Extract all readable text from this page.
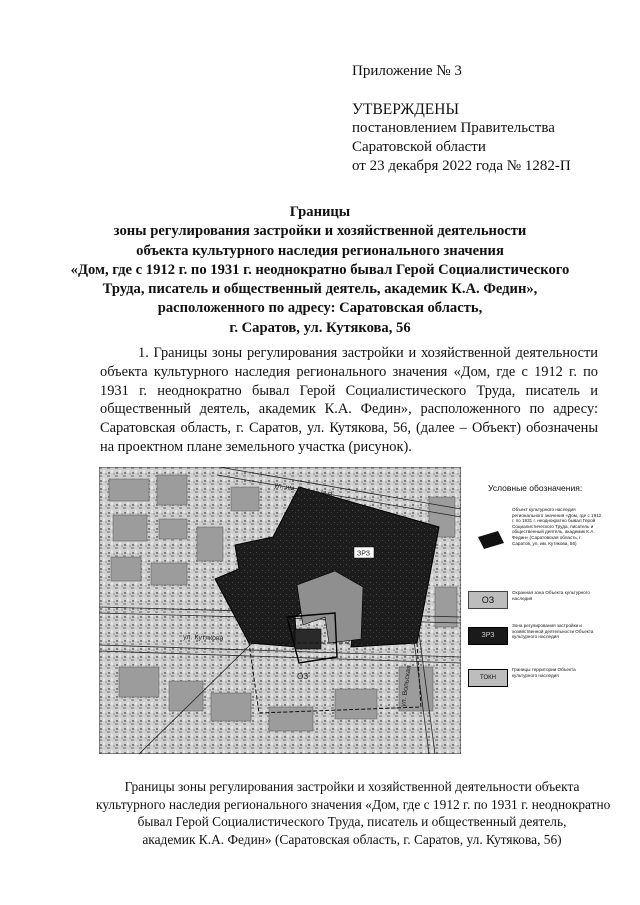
Приложение № 3
УТВЕРЖДЕНЫ
постановлением Правительства
Саратовской области
от 23 декабря 2022 года № 1282-П
Границы
зоны регулирования застройки и хозяйственной деятельности
объекта культурного наследия регионального значения
«Дом, где с 1912 г. по 1931 г. неоднократно бывал Герой Социалистического
Труда, писатель и общественный деятель, академик К.А. Федин»,
расположенного по адресу: Саратовская область,
г. Саратов, ул. Кутякова, 56

1. Границы зоны регулирования застройки и хозяйственной деятельности объекта культурного наследия регионального значения «Дом, где с 1912 г. по 1931 г. неоднократно бывал Герой Социалистического Труда, писатель и общественный деятель, академик К.А. Федин», расположенного по адресу: Саратовская область, г. Саратов, ул. Кутякова, 56, (далее – Объект) обозначены на проектном плане земельного участка (рисунок).

ЗРЗ
ОЗ
ул. им. Гоголя Н.В.
ул. Кутякова
ул. Вольская
Условные обозначения:
Объект культурного наследия регионального значения «Дом, где с 1912 г. по 1931 г. неоднократно бывал Герой Социалистического Труда, писатель и общественный деятель, академик К.А. Федин» (Саратовская область, г. Саратов, ул. им. Кутякова, 56)
ОЗ
Охранная зона Объекта культурного наследия
ЗРЗ
Зона регулирования застройки и хозяйственной деятельности Объекта культурного наследия
ТОКН
Границы территории Объекта культурного наследия
Границы зоны регулирования застройки и хозяйственной деятельности объекта
культурного наследия регионального значения «Дом, где с 1912 г. по 1931 г. неоднократно
бывал Герой Социалистического Труда, писатель и общественный деятель,
академик К.А. Федин» (Саратовская область, г. Саратов, ул. Кутякова, 56)
